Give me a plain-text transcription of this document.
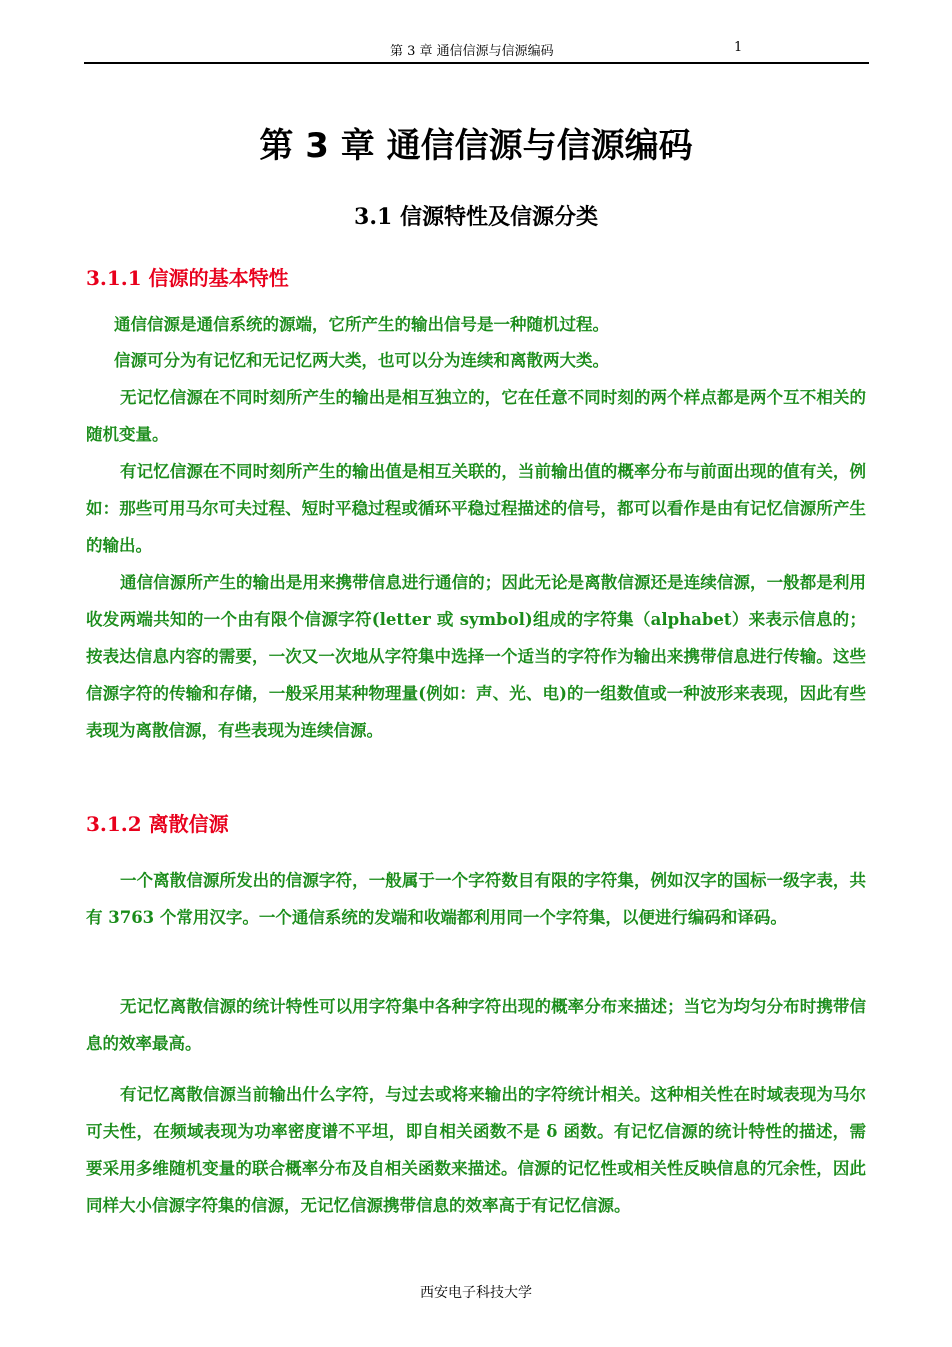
第 3 章 通信信源与信源编码	1
第 3 章 通信信源与信源编码
3.1 信源特性及信源分类
3.1.1 信源的基本特性

通信信源是通信系统的源端，它所产生的输出信号是一种随机过程。

信源可分为有记忆和无记忆两大类，也可以分为连续和离散两大类。

无记忆信源在不同时刻所产生的输出是相互独立的，它在任意不同时刻的两个样点都是两个互不相关的随机变量。

有记忆信源在不同时刻所产生的输出值是相互关联的，当前输出值的概率分布与前面出现的值有关，例如：那些可用马尔可夫过程、短时平稳过程或循环平稳过程描述的信号，都可以看作是由有记忆信源所产生的输出。

通信信源所产生的输出是用来携带信息进行通信的；因此无论是离散信源还是连续信源，一般都是利用收发两端共知的一个由有限个信源字符(letter 或 symbol)组成的字符集（alphabet）来表示信息的；按表达信息内容的需要，一次又一次地从字符集中选择一个适当的字符作为输出来携带信息进行传输。这些信源字符的传输和存储，一般采用某种物理量(例如：声、光、电)的一组数值或一种波形来表现，因此有些表现为离散信源，有些表现为连续信源。

3.1.2 离散信源

一个离散信源所发出的信源字符，一般属于一个字符数目有限的字符集，例如汉字的国标一级字表，共有 3763 个常用汉字。一个通信系统的发端和收端都利用同一个字符集，以便进行编码和译码。

无记忆离散信源的统计特性可以用字符集中各种字符出现的概率分布来描述；当它为均匀分布时携带信息的效率最高。

有记忆离散信源当前输出什么字符，与过去或将来输出的字符统计相关。这种相关性在时域表现为马尔可夫性，在频域表现为功率密度谱不平坦，即自相关函数不是 δ 函数。有记忆信源的统计特性的描述，需要采用多维随机变量的联合概率分布及自相关函数来描述。信源的记忆性或相关性反映信息的冗余性，因此同样大小信源字符集的信源，无记忆信源携带信息的效率高于有记忆信源。

西安电子科技大学
